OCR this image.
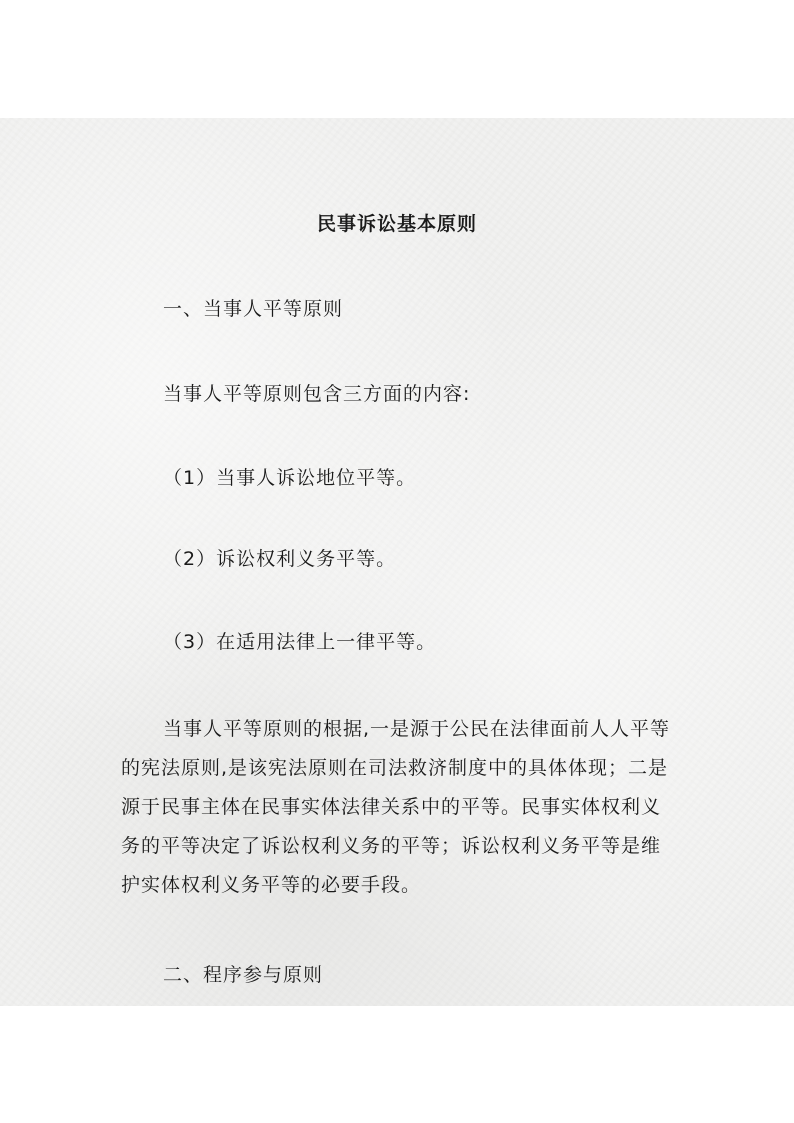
民事诉讼基本原则
一、当事人平等原则
当事人平等原则包含三方面的内容:
（1）当事人诉讼地位平等。
（2）诉讼权利义务平等。
（3）在适用法律上一律平等。
当事人平等原则的根据,一是源于公民在法律面前人人平等
的宪法原则,是该宪法原则在司法救济制度中的具体体现；二是
源于民事主体在民事实体法律关系中的平等。民事实体权利义
务的平等决定了诉讼权利义务的平等；诉讼权利义务平等是维
护实体权利义务平等的必要手段。
二、程序参与原则
